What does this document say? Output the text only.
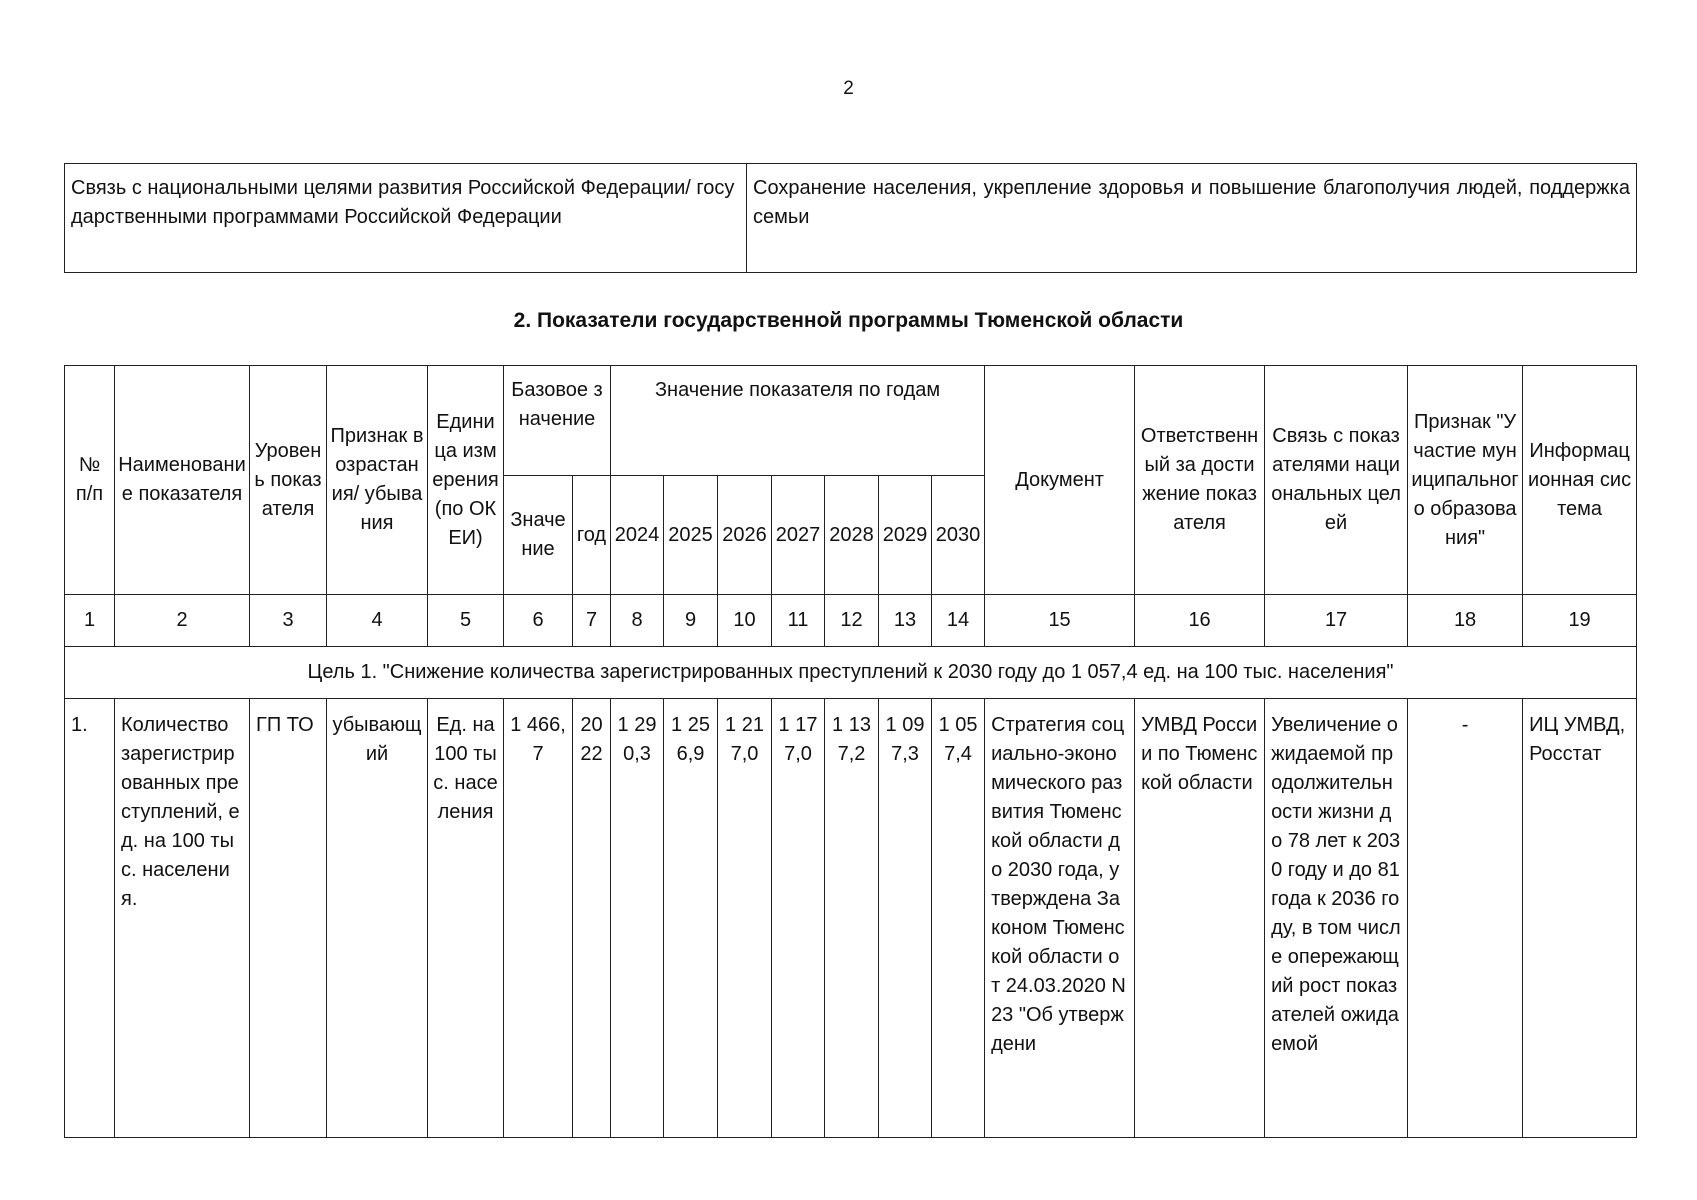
2
Связь с национальными целями развития Российской Федерации/ государственными программами Российской Федерации	Сохранение населения, укрепление здоровья и повышение благополучия людей, поддержка семьи
2. Показатели государственной программы Тюменской области
№ п/п	Наименование показателя	Уровень показателя	Признак возрастания/ убывания	Единица измерения (по ОКЕИ)	Базовое значение		Значение показателя по годам							Документ	Ответственный за достижение показателя	Связь с показателями национальных целей	Признак "Участие муниципального образования"	Информационная система
					Значение	год	2024	2025	2026	2027	2028	2029	2030					
1	2	3	4	5	6	7	8	9	10	11	12	13	14	15	16	17	18	19
Цель 1. "Снижение количества зарегистрированных преступлений к 2030 году до 1 057,4 ед. на 100 тыс. населения"																		
1.	Количество зарегистрированных преступлений, ед. на 100 тыс. населения.	ГП ТО	убывающий	Ед. на 100 тыс. населения	1 466,7	2022	1 290,3	1 256,9	1 217,0	1 177,0	1 137,2	1 097,3	1 057,4	Стратегия социально-экономического развития Тюменской области до 2030 года, утверждена Законом Тюменской области от 24.03.2020 N 23 "Об утверждени	УМВД России по Тюменской области	Увеличение ожидаемой продолжительности жизни до 78 лет к 2030 году и до 81 года к 2036 году, в том числе опережающий рост показателей ожидаемой	-	ИЦ УМВД, Росстат
